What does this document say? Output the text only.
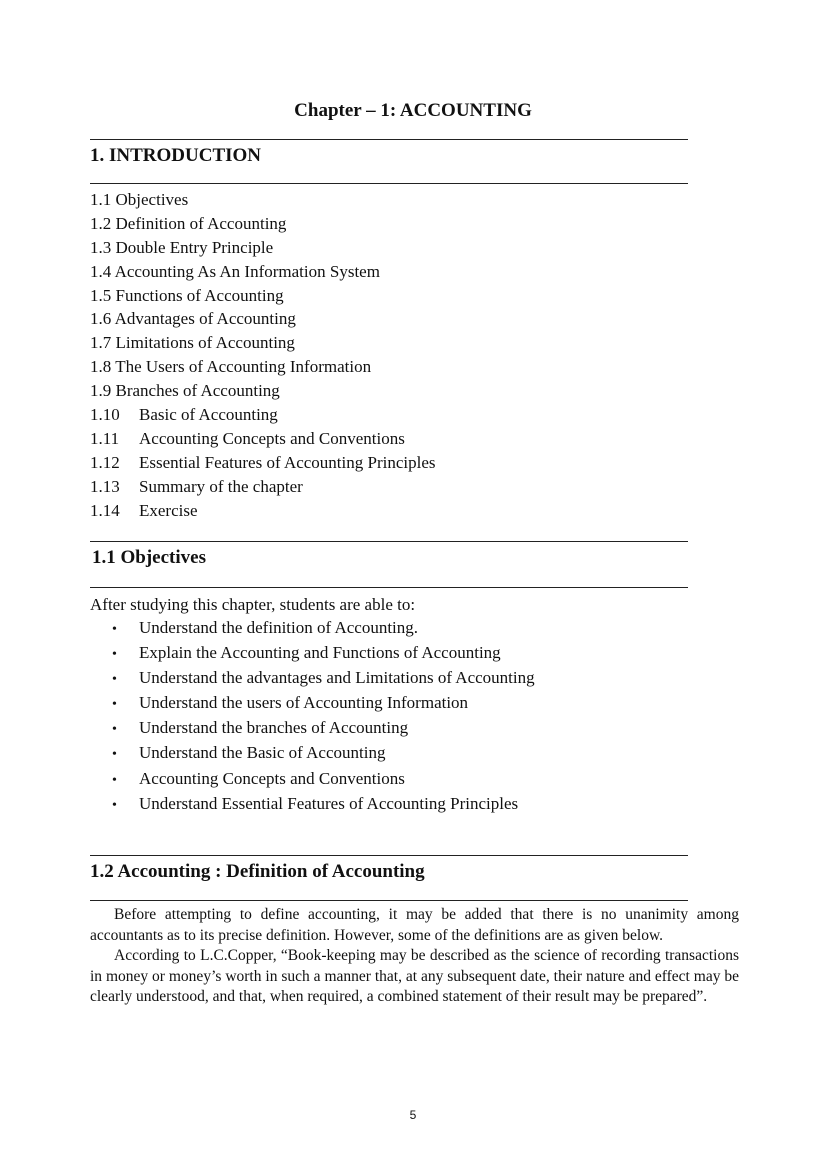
Chapter – 1: ACCOUNTING
1. INTRODUCTION
1.1 Objectives
1.2 Definition of Accounting
1.3 Double Entry Principle
1.4 Accounting As An Information System
1.5 Functions of Accounting
1.6 Advantages of Accounting
1.7 Limitations of Accounting
1.8 The Users of Accounting Information
1.9 Branches of Accounting
1.10 Basic of Accounting
1.11 Accounting Concepts and Conventions
1.12 Essential Features of Accounting Principles
1.13 Summary of the chapter
1.14 Exercise
1.1 Objectives
After studying this chapter, students are able to:
• Understand the definition of Accounting.
• Explain the Accounting and Functions of Accounting
• Understand the advantages and Limitations of Accounting
• Understand the users of Accounting Information
• Understand the branches of Accounting
• Understand the Basic of Accounting
• Accounting Concepts and Conventions
• Understand Essential Features of Accounting Principles
1.2 Accounting : Definition of Accounting

Before attempting to define accounting, it may be added that there is no unanimity among accountants as to its precise definition. However, some of the definitions are as given below.

According to L.C.Copper, “Book-keeping may be described as the science of recording transactions in money or money’s worth in such a manner that, at any subsequent date, their nature and effect may be clearly understood, and that, when required, a combined statement of their result may be prepared”.

5
